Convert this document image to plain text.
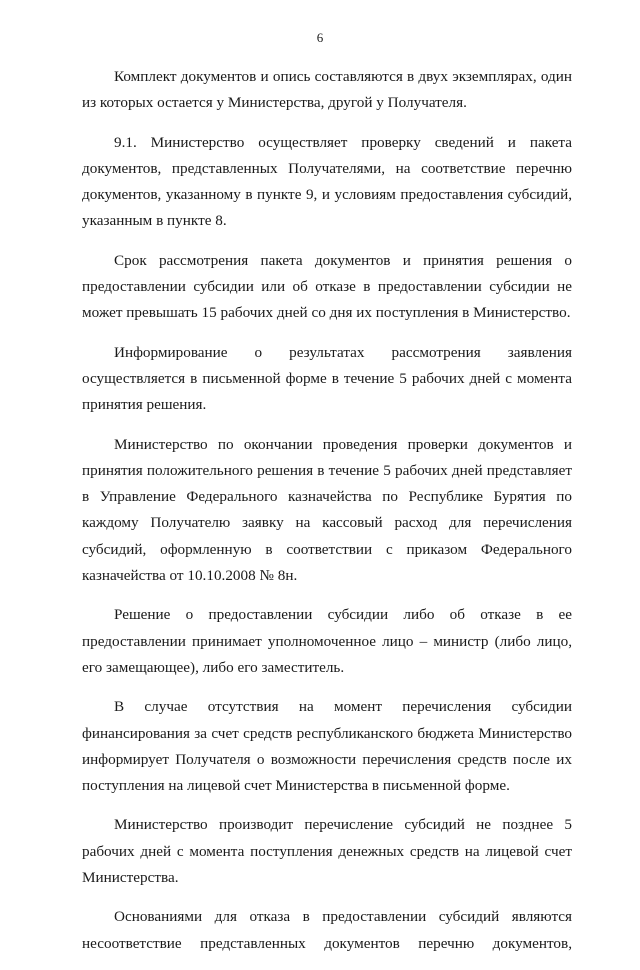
6

Комплект документов и опись составляются в двух экземплярах, один из которых остается у Министерства, другой у Получателя.

9.1. Министерство осуществляет проверку сведений и пакета документов, представленных Получателями, на соответствие перечню документов, указанному в пункте 9, и условиям предоставления субсидий, указанным в пункте 8.

Срок рассмотрения пакета документов и принятия решения о предоставлении субсидии или об отказе в предоставлении субсидии не может превышать 15 рабочих дней со дня их поступления в Министерство.

Информирование о результатах рассмотрения заявления осуществляется в письменной форме в течение 5 рабочих дней с момента принятия решения.

Министерство по окончании проведения проверки документов и принятия положительного решения в течение 5 рабочих дней представляет в Управление Федерального казначейства по Республике Бурятия по каждому Получателю заявку на кассовый расход для перечисления субсидий, оформленную в соответствии с приказом Федерального казначейства от 10.10.2008 № 8н.

Решение о предоставлении субсидии либо об отказе в ее предоставлении принимает уполномоченное лицо – министр (либо лицо, его замещающее), либо его заместитель.

В случае отсутствия на момент перечисления субсидии финансирования за счет средств республиканского бюджета Министерство информирует Получателя о возможности перечисления средств после их поступления на лицевой счет Министерства в письменной форме.

Министерство производит перечисление субсидий не позднее 5 рабочих дней с момента поступления денежных средств на лицевой счет Министерства.

Основаниями для отказа в предоставлении субсидий являются несоответствие представленных документов перечню документов,
